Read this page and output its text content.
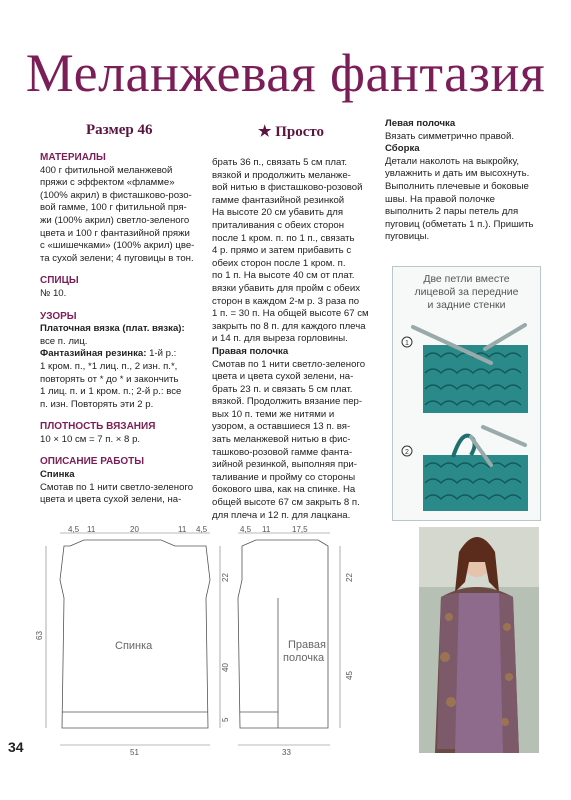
Меланжевая фантазия
Размер 46	★ Просто

МАТЕРИАЛЫ

400 г фитильной меланжевой

пряжи с эффектом «фламме»

(100% акрил) в фисташково-розо-

вой гамме, 100 г фитильной пря-

жи (100% акрил) светло-зеленого

цвета и 100 г фантазийной пряжи

с «шишечками» (100% акрил) цве-

та сухой зелени; 4 пуговицы в тон.

СПИЦЫ

№ 10.

УЗОРЫ

Платочная вязка (плат. вязка):

все п. лиц.

Фантазийная резинка: 1-й р.:

1 кром. п., *1 лиц. п., 2 изн. п.*,

повторять от * до * и закончить

1 лиц. п. и 1 кром. п.; 2-й р.: все

п. изн. Повторять эти 2 р.

ПЛОТНОСТЬ ВЯЗАНИЯ

10 × 10 см = 7 п. × 8 р.

ОПИСАНИЕ РАБОТЫ

Спинка

Смотав по 1 нити светло-зеленого

цвета и цвета сухой зелени, на-

брать 36 п., связать 5 см плат.

вязкой и продолжить меланже-

вой нитью в фисташково-розовой

гамме фантазийной резинкой

На высоте 20 см убавить для

приталивания с обеих сторон

после 1 кром. п. по 1 п., связать

4 р. прямо и затем прибавить с

обеих сторон после 1 кром. п.

по 1 п. На высоте 40 см от плат.

вязки убавить для пройм с обеих

сторон в каждом 2-м р. 3 раза по

1 п. = 30 п. На общей высоте 67 см

закрыть по 8 п. для каждого плеча

и 14 п. для выреза горловины.

Правая полочка

Смотав по 1 нити светло-зеленого

цвета и цвета сухой зелени, на-

брать 23 п. и связать 5 см плат.

вязкой. Продолжить вязание пер-

вых 10 п. теми же нитями и

узором, а оставшиеся 13 п. вя-

зать меланжевой нитью в фис-

ташково-розовой гамме фанта-

зийной резинкой, выполняя при-

таливание и пройму со стороны

бокового шва, как на спинке. На

общей высоте 67 см закрыть 8 п.

для плеча и 12 п. для лацкана.

Левая полочка

Вязать симметрично правой.

Сборка

Детали наколоть на выкройку,

увлажнить и дать им высохнуть.

Выполнить плечевые и боковые

швы. На правой полочке

выполнить 2 пары петель для

пуговиц (обметать 1 п.). Пришить

пуговицы.

Две петли вместе
лицевой за передние
и задние стенки
1
2
4,5 11	20	11 4,5	4,5 11	17,5
51	33
63
22
40
5
22
45
Спинка	Правая
полочка
34
